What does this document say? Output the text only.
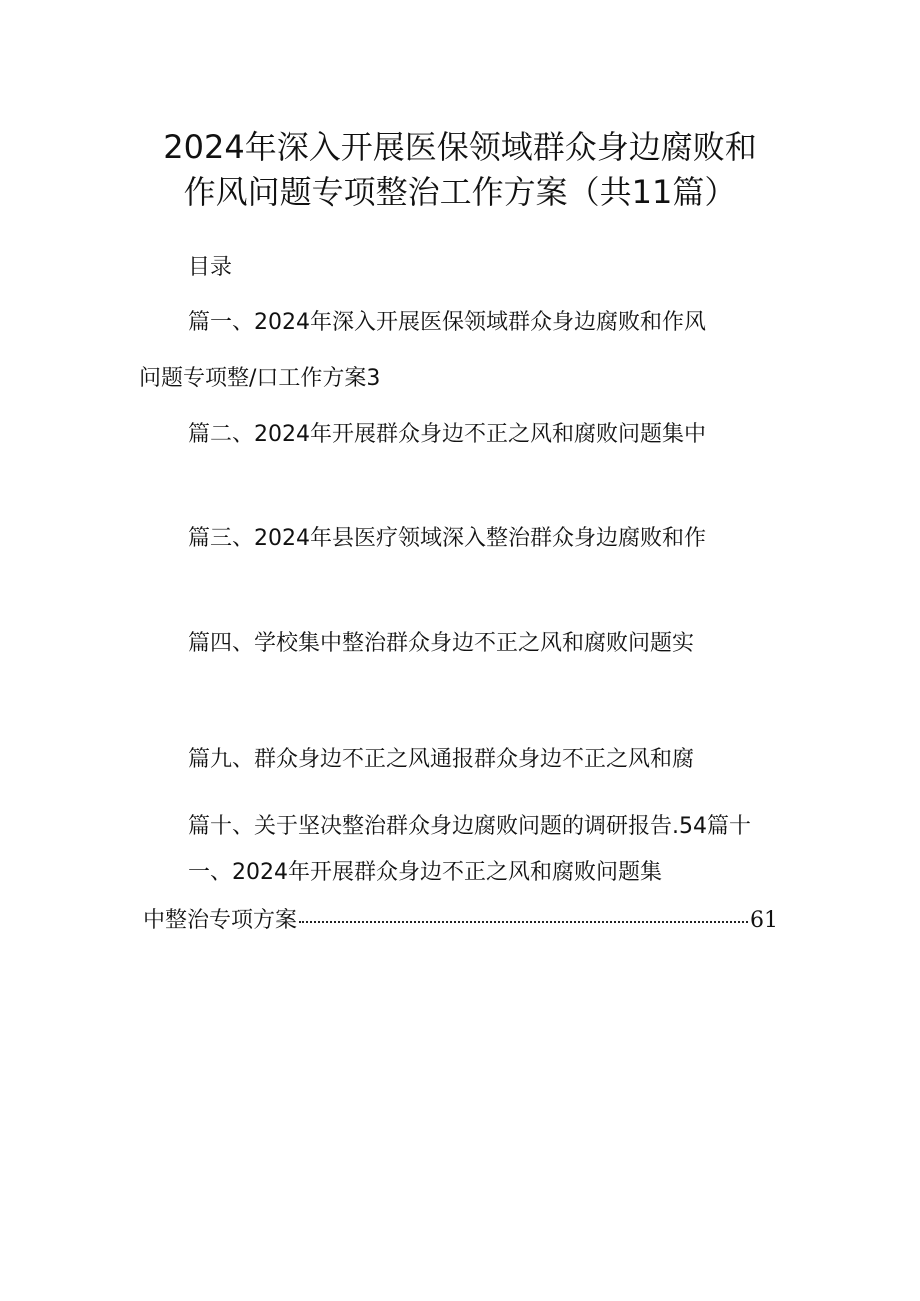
2024年深入开展医保领域群众身边腐败和
作风问题专项整治工作方案（共11篇）
目录
篇一、2024年深入开展医保领域群众身边腐败和作风
问题专项整/口工作方案3
篇二、2024年开展群众身边不正之风和腐败问题集中
篇三、2024年县医疗领域深入整治群众身边腐败和作
篇四、学校集中整治群众身边不正之风和腐败问题实
篇九、群众身边不正之风通报群众身边不正之风和腐
篇十、关于坚决整治群众身边腐败问题的调研报告.54篇十
一、2024年开展群众身边不正之风和腐败问题集
中整治专项方案	61
